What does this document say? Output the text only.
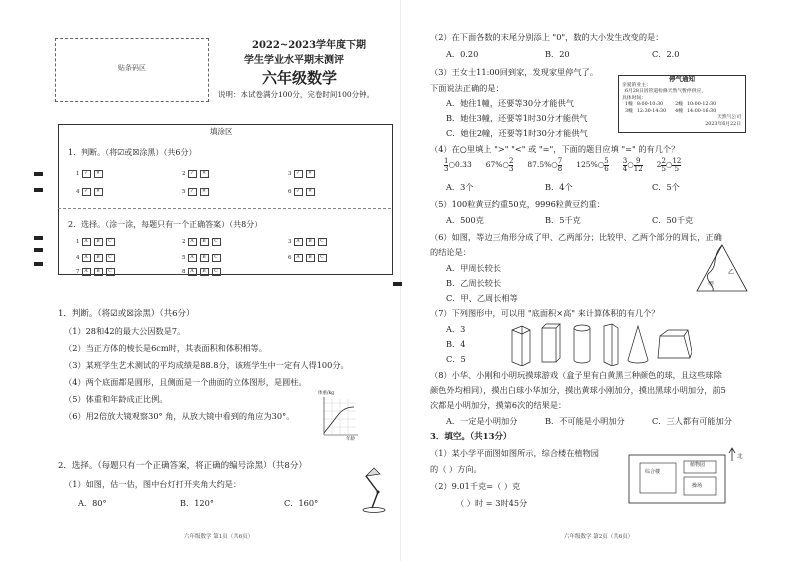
贴条码区
2022~2023学年度下期
学生学业水平期末测评
六年级数学
说明：本试卷满分100分，完卷时间100分钟。
填涂区
1．判断。（将☑或☒涂黑）（共6分）
2．选择。（涂一涂，每题只有一个正确答案）（共8分）
1	✓	✕	2	✓	✕	3	✓	✕
4	✓	✕	5	✓	✕	6	✓	✕
1	A	B	C	2	A	B	C	3	A	B	C
4	A	B	C	5	A	B	C	6	A	B	C
7	A	B	C	8	A	B	C
1．判断。（将☑或☒涂黑）（共6分）
（1）28和42的最大公因数是7。
（2）当正方体的棱长是6cm时，其表面积和体积相等。
（3）某班学生艺术测试的平均成绩是88.8分，该班学生中一定有人得100分。
（4）两个底面都是圆形，且侧面是一个曲面的立体图形，是圆柱。
（5）体重和年龄成正比例。
（6）用2倍放大镜观察30° 角，从放大镜中看到的角应为30°。
体重/kg
年龄
2．选择。（每题只有一个正确答案，将正确的编号涂黑）（共8分）
（1）如图，估一估，图中台灯打开夹角大约是：
A．80°	B．120°	C．160°
六年级数学 第1页（共6页）
（2）在下面各数的末尾分别添上 "0"，数的大小发生改变的是：
A．0.20	B．20	C．2.0
（3）王女士11:00回到家，发现家里停气了。
下面说法正确的是：
A．她往1幢，还要等30分才能供气
B．她住3幢，还要等1时30分才能供气
C．她住2幢，还要等1时30分才能供气
停气通知
亲爱的业主：
6月28日因管道检修天然气暂停供应，
具体时间：
1幢 8:00-10:30	2幢 10:00-12:30
3幢 12:30-14:30 4幢 14:00-16:30
天然气公司
2023年6月22日
（4）在○里填上 ">" "<" 或 "="，下面的题目应填 "=" 的有几个？
$\frac{1}{3}$ ○0.33 67%○ $\frac{2}{3}$ 87.5%○ $\frac{7}{8}$ 125%○ $\frac{5}{6} \frac{3}{4}$ ○ $\frac{9}{12} 2 \frac{2}{5}$ ○ $\frac{12}{5}$
A．3个	B．4个	C．5个
（5）100粒黄豆约重50克，9996粒黄豆约重：
A．500克	B．5千克	C．50千克
（6）如图，等边三角形分成了甲、乙两部分；比较甲、乙两个部分的周长，正确
的结论是：
A．甲周长较长
B．乙周长较长
C．甲、乙周长相等
甲
乙
（7）下列图形中，可以用 "底面积×高" 来计算体积的有几个？
A．3
B．4
C．5
（8）小华、小刚和小明玩摸球游戏（盒子里有白黄黑三种颜色的球，且这些球除
颜色外均相同），摸出白球小华加分，摸出黄球小刚加分，摸出黑球小明加分，前5
次都是小明加分，摸第6次的结果是：
A．一定是小明加分	B．不可能是小明加分	C．三人都有可能加分
3．填空。（共13分）
（1）某小学平面图如图所示，综合楼在植物园
的（ ）方向。
（2）9.01千克=（ ）克
（ ）时 = 3时45分
综合楼
植物园
操场
北
六年级数学 第2页（共6页）
